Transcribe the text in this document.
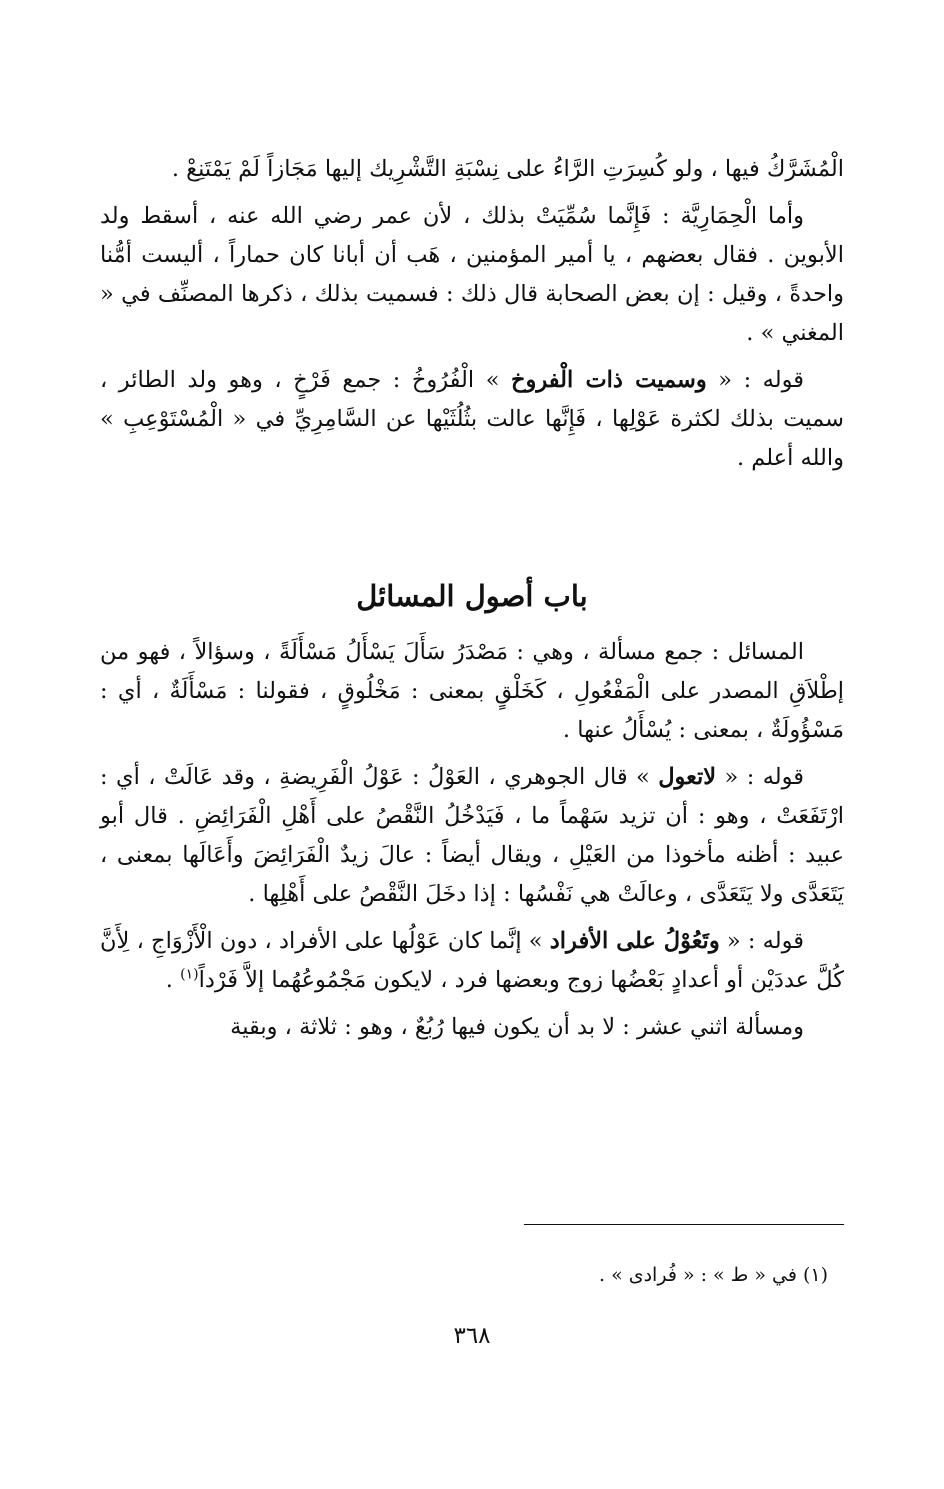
الْمُشَرَّكُ فيها ، ولو كُسِرَتِ الرَّاءُ على نِسْبَةِ التَّشْرِيك إليها مَجَازاً لَمْ يَمْتَنِعْ .

وأما الْحِمَارِيَّة : فَإِنَّما سُمِّيَتْ بذلك ، لأن عمر رضي الله عنه ، أسقط ولد الأبوين . فقال بعضهم ، يا أمير المؤمنين ، هَب أن أبانا كان حماراً ، أليست أمُّنا واحدةً ، وقيل : إن بعض الصحابة قال ذلك : فسميت بذلك ، ذكرها المصنِّف في « المغني » .

قوله : « وسميت ذات الْفروخ » الْفُرُوخُ : جمع فَرْخٍ ، وهو ولد الطائر ، سميت بذلك لكثرة عَوْلِها ، فَإِنَّها عالت بثُلُثَيْها عن السَّامِرِيِّ في « الْمُسْتَوْعِبِ » والله أعلم .

باب أصول المسائل

المسائل : جمع مسألة ، وهي : مَصْدَرُ سَأَلَ يَسْأَلُ مَسْأَلَةً ، وسؤالاً ، فهو من إطْلاَقِ المصدر على الْمَفْعُولِ ، كَخَلْقٍ بمعنى : مَخْلُوقٍ ، فقولنا : مَسْأَلَةٌ ، أي : مَسْؤُولَةٌ ، بمعنى : يُسْأَلُ عنها .

قوله : « لاتعول » قال الجوهري ، العَوْلُ : عَوْلُ الْفَرِيضةِ ، وقد عَالَتْ ، أي : ارْتَفَعَتْ ، وهو : أن تزيد سَهْماً ما ، فَيَدْخُلُ النَّقْصُ على أَهْلِ الْفَرَائِضِ . قال أبو عبيد : أظنه مأخوذا من العَيْلِ ، ويقال أيضاً : عالَ زيدٌ الْفَرَائِضَ وأَعَالَها بمعنى ، يَتَعَدَّى ولا يَتَعَدَّى ، وعالَتْ هي نَفْسُها : إذا دخَلَ النَّقْصُ على أَهْلِها .

قوله : « وتَعُوْلُ على الأفراد » إنَّما كان عَوْلُها على الأفراد ، دون الْأَزْوَاجِ ، لِأَنَّ كُلَّ عددَيْن أو أعدادٍ بَعْضُها زوج وبعضها فرد ، لايكون مَجْمُوعُهُما إلاَّ فَرْداً$^{(١)}$ .

ومسألة اثني عشر : لا بد أن يكون فيها رُبُعٌ ، وهو : ثلاثة ، وبقية

(١) في « ط » : « فُرادى » .
٣٦٨
